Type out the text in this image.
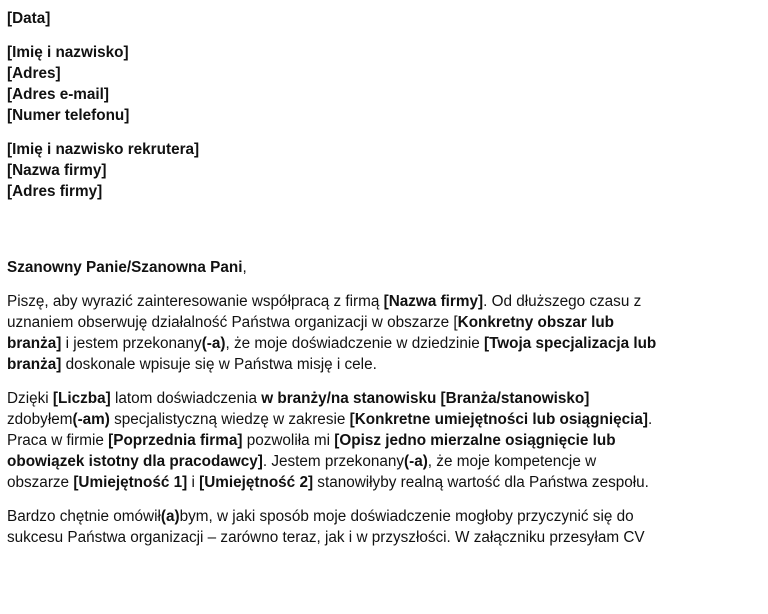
[Data]
[Imię i nazwisko]
[Adres]
[Adres e-mail]
[Numer telefonu]
[Imię i nazwisko rekrutera]
[Nazwa firmy]
[Adres firmy]

Szanowny Panie/Szanowna Pani,

Piszę, aby wyrazić zainteresowanie współpracą z firmą [Nazwa firmy]. Od dłuższego czasu z
uznaniem obserwuję działalność Państwa organizacji w obszarze [Konkretny obszar lub
branża] i jestem przekonany(-a), że moje doświadczenie w dziedzinie [Twoja specjalizacja lub
branża] doskonale wpisuje się w Państwa misję i cele.

Dzięki [Liczba] latom doświadczenia w branży/na stanowisku [Branża/stanowisko]
zdobyłem(-am) specjalistyczną wiedzę w zakresie [Konkretne umiejętności lub osiągnięcia].
Praca w firmie [Poprzednia firma] pozwoliła mi [Opisz jedno mierzalne osiągnięcie lub
obowiązek istotny dla pracodawcy]. Jestem przekonany(-a), że moje kompetencje w
obszarze [Umiejętność 1] i [Umiejętność 2] stanowiłyby realną wartość dla Państwa zespołu.

Bardzo chętnie omówił(a)bym, w jaki sposób moje doświadczenie mogłoby przyczynić się do
sukcesu Państwa organizacji – zarówno teraz, jak i w przyszłości. W załączniku przesyłam CV
